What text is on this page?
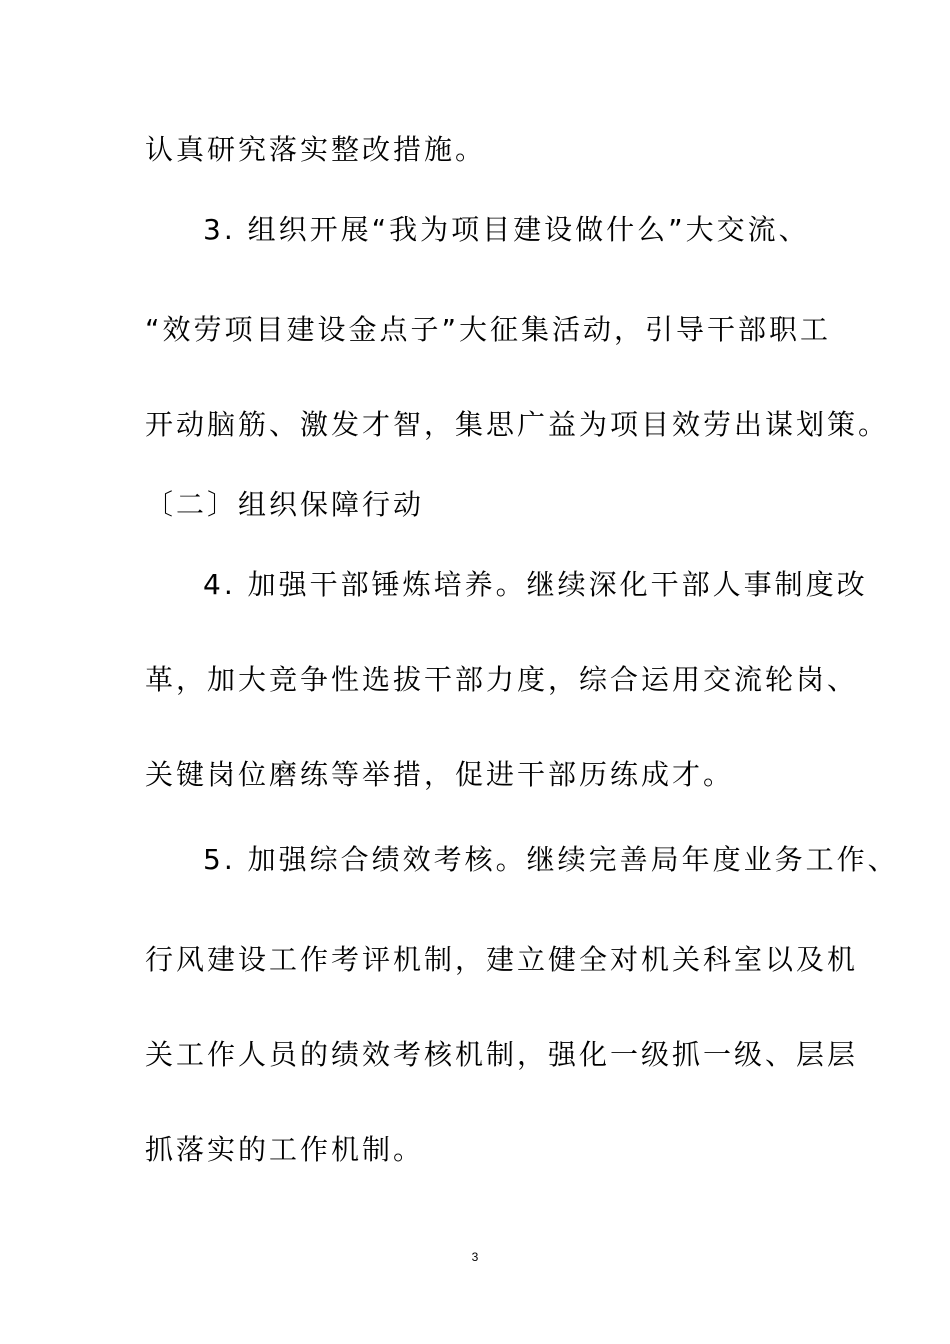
认真研究落实整改措施。
3. 组织开展“我为项目建设做什么”大交流、
“效劳项目建设金点子”大征集活动，引导干部职工
开动脑筋、激发才智，集思广益为项目效劳出谋划策。
〔二〕组织保障行动
4. 加强干部锤炼培养。继续深化干部人事制度改
革，加大竞争性选拔干部力度，综合运用交流轮岗、
关键岗位磨练等举措，促进干部历练成才。
5. 加强综合绩效考核。继续完善局年度业务工作、
行风建设工作考评机制，建立健全对机关科室以及机
关工作人员的绩效考核机制，强化一级抓一级、层层
抓落实的工作机制。
3
